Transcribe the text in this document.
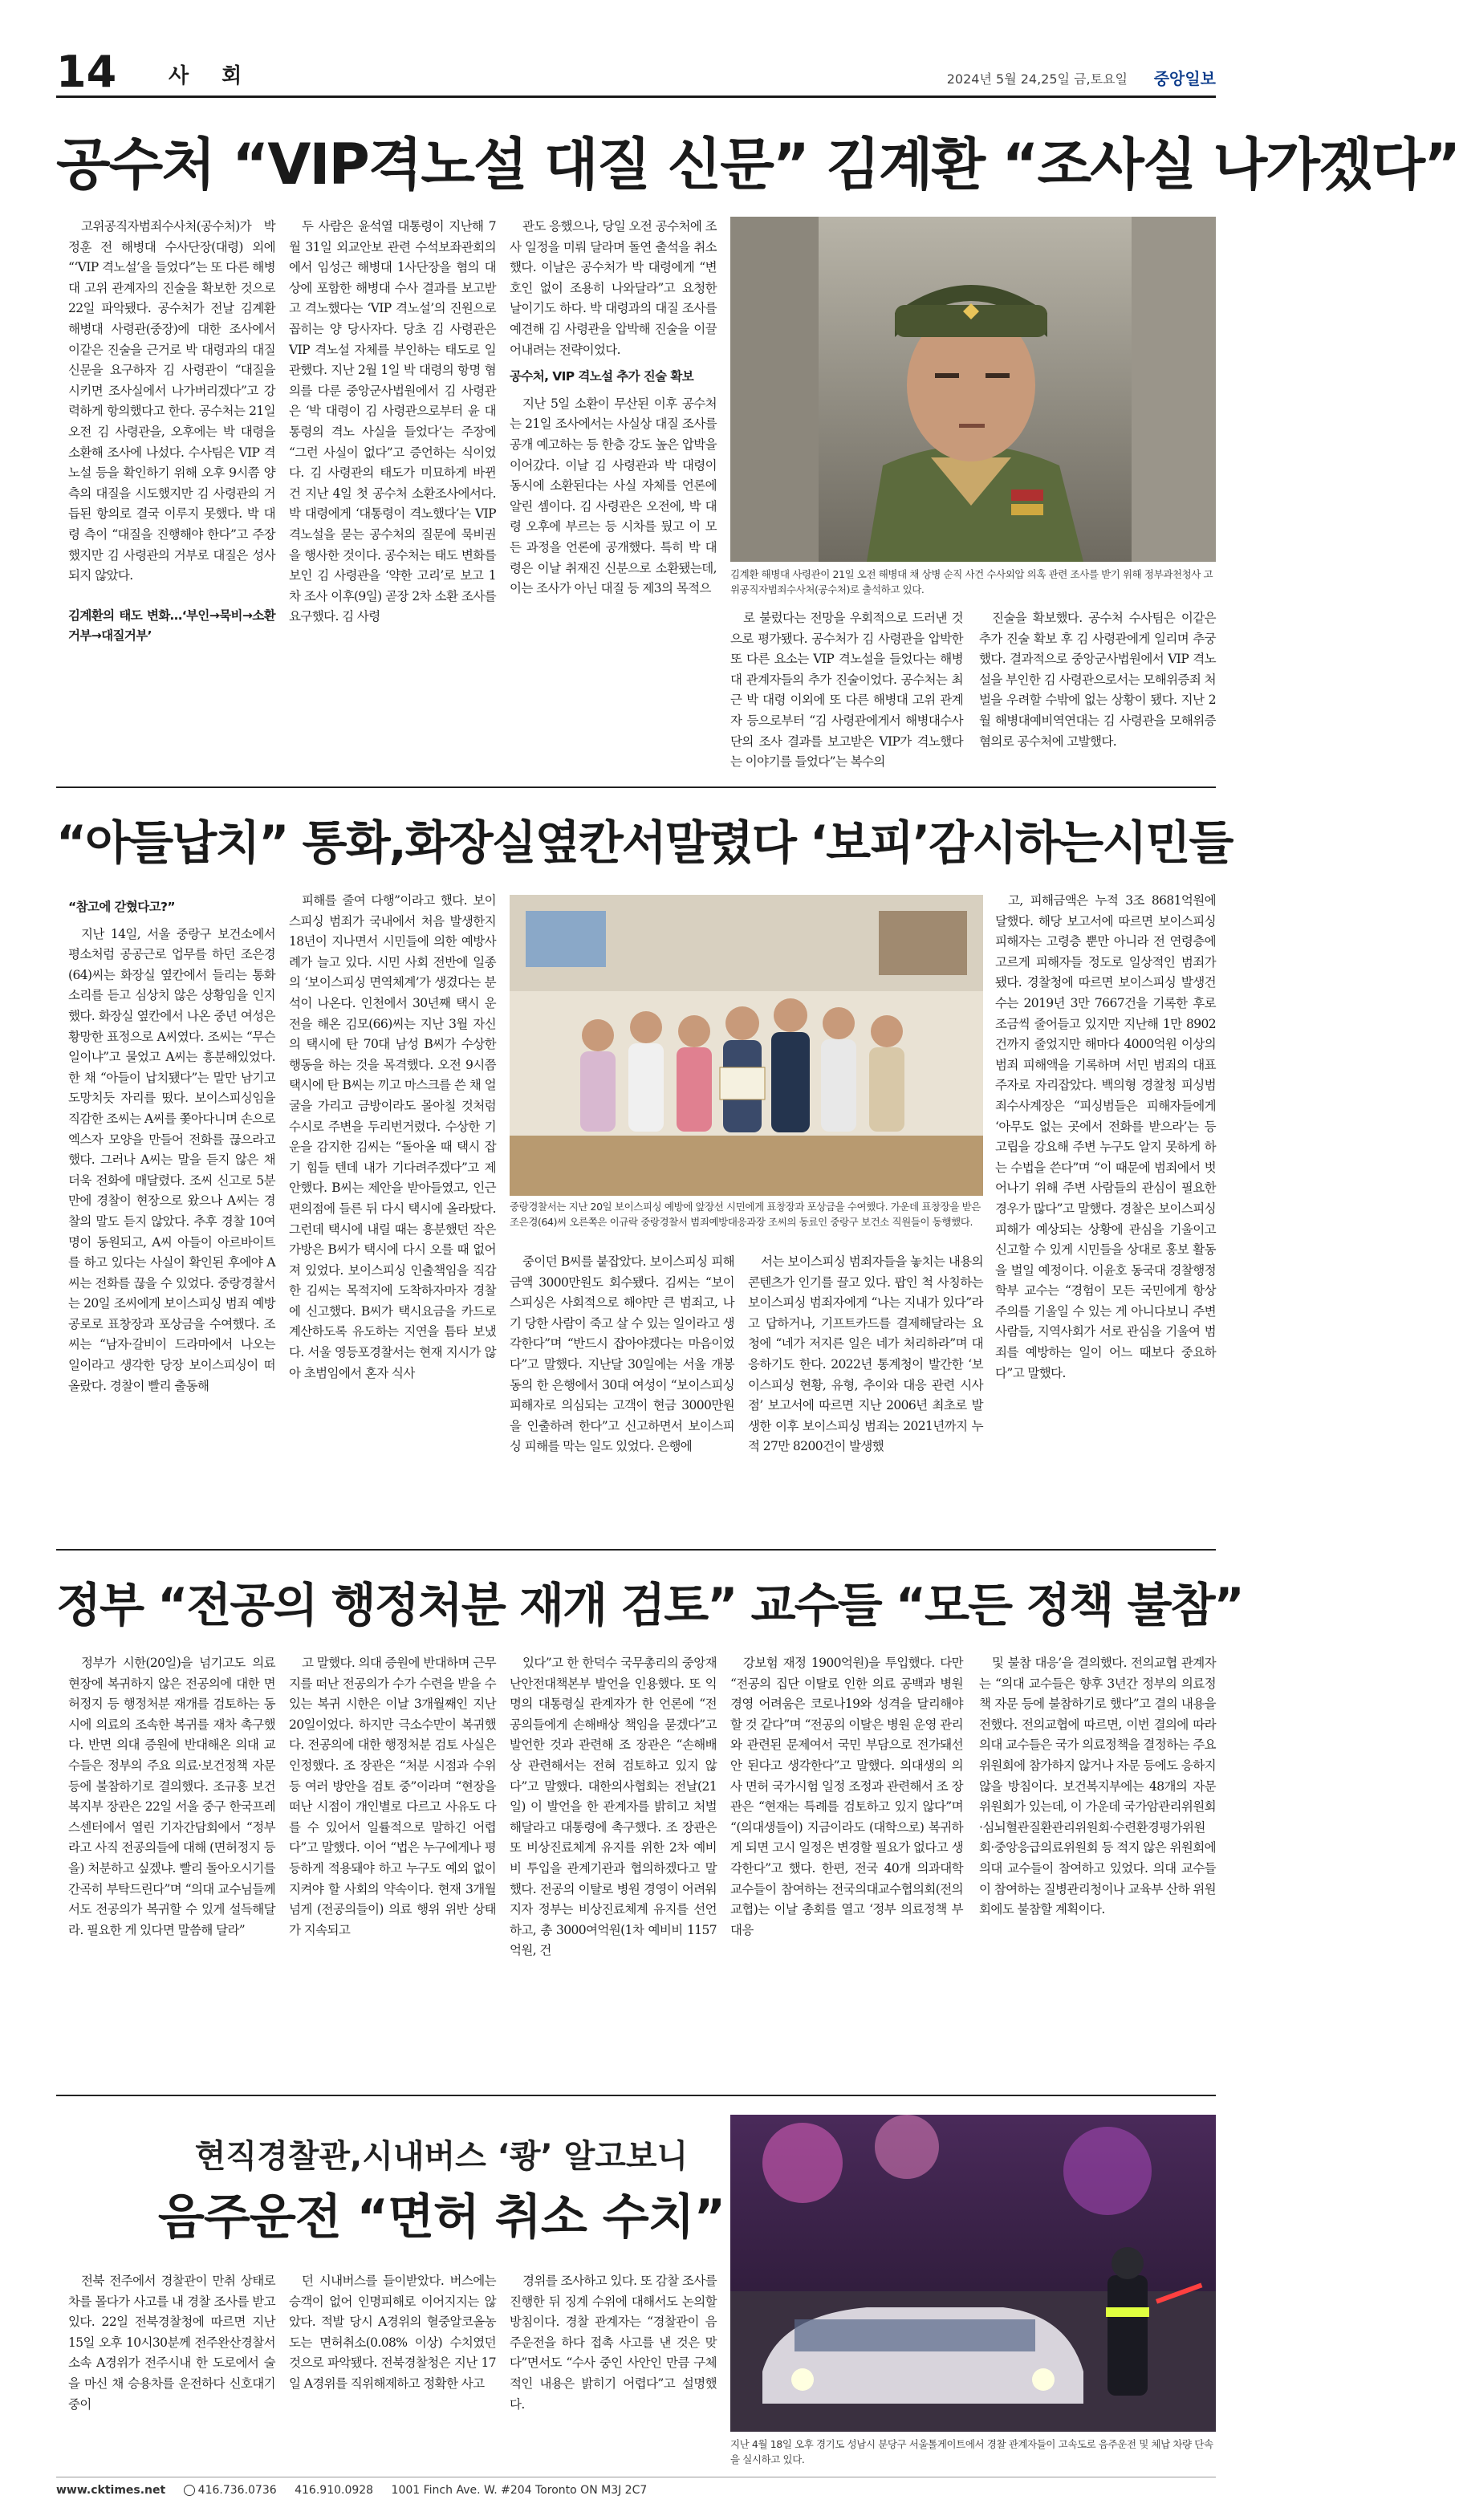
14 사 회	2024년 5월 24,25일 금,토요일 중앙일보
공수처 “VIP격노설 대질 신문” 김계환 “조사실 나가겠다”

고위공직자범죄수사처(공수처)가 박정훈 전 해병대 수사단장(대령) 외에 “‘VIP 격노설’을 들었다”는 또 다른 해병대 고위 관계자의 진술을 확보한 것으로 22일 파악됐다. 공수처가 전날 김계환 해병대 사령관(중장)에 대한 조사에서 이같은 진술을 근거로 박 대령과의 대질 신문을 요구하자 김 사령관이 “대질을 시키면 조사실에서 나가버리겠다”고 강력하게 항의했다고 한다. 공수처는 21일 오전 김 사령관을, 오후에는 박 대령을 소환해 조사에 나섰다. 수사팀은 VIP 격노설 등을 확인하기 위해 오후 9시쯤 양측의 대질을 시도했지만 김 사령관의 거듭된 항의로 결국 이루지 못했다. 박 대령 측이 “대질을 진행해야 한다”고 주장했지만 김 사령관의 거부로 대질은 성사되지 않았다.

김계환의 태도 변화…‘부인→묵비→소환거부→대질거부’

두 사람은 윤석열 대통령이 지난해 7월 31일 외교안보 관련 수석보좌관회의에서 임성근 해병대 1사단장을 혐의 대상에 포함한 해병대 수사 결과를 보고받고 격노했다는 ‘VIP 격노설’의 진원으로 꼽히는 양 당사자다. 당초 김 사령관은 VIP 격노설 자체를 부인하는 태도로 일관했다. 지난 2월 1일 박 대령의 항명 혐의를 다룬 중앙군사법원에서 김 사령관은 ‘박 대령이 김 사령관으로부터 윤 대통령의 격노 사실을 들었다’는 주장에 “그런 사실이 없다”고 증언하는 식이었다. 김 사령관의 태도가 미묘하게 바뀐 건 지난 4일 첫 공수처 소환조사에서다. 박 대령에게 ‘대통령이 격노했다’는 VIP 격노설을 묻는 공수처의 질문에 묵비권을 행사한 것이다. 공수처는 태도 변화를 보인 김 사령관을 ‘약한 고리’로 보고 1차 조사 이후(9일) 곧장 2차 소환 조사를 요구했다. 김 사령

관도 응했으나, 당일 오전 공수처에 조사 일정을 미뤄 달라며 돌연 출석을 취소했다. 이날은 공수처가 박 대령에게 “변호인 없이 조용히 나와달라”고 요청한 날이기도 하다. 박 대령과의 대질 조사를 예견해 김 사령관을 압박해 진술을 이끌어내려는 전략이었다.

공수처, VIP 격노설 추가 진술 확보

지난 5일 소환이 무산된 이후 공수처는 21일 조사에서는 사실상 대질 조사를 공개 예고하는 등 한층 강도 높은 압박을 이어갔다. 이날 김 사령관과 박 대령이 동시에 소환된다는 사실 자체를 언론에 알린 셈이다. 김 사령관은 오전에, 박 대령 오후에 부르는 등 시차를 뒀고 이 모든 과정을 언론에 공개했다. 특히 박 대령은 이날 취재진 신분으로 소환됐는데, 이는 조사가 아닌 대질 등 제3의 목적으

김계환 해병대 사령관이 21일 오전 해병대 채 상병 순직 사건 수사외압 의혹 관련 조사를 받기 위해 정부과천청사 고위공직자범죄수사처(공수처)로 출석하고 있다.

로 불렀다는 전망을 우회적으로 드러낸 것으로 평가됐다. 공수처가 김 사령관을 압박한 또 다른 요소는 VIP 격노설을 들었다는 해병대 관계자들의 추가 진술이었다. 공수처는 최근 박 대령 이외에 또 다른 해병대 고위 관계자 등으로부터 “김 사령관에게서 해병대수사단의 조사 결과를 보고받은 VIP가 격노했다는 이야기를 들었다”는 복수의

진술을 확보했다. 공수처 수사팀은 이같은 추가 진술 확보 후 김 사령관에게 일리며 추궁했다. 결과적으로 중앙군사법원에서 VIP 격노설을 부인한 김 사령관으로서는 모해위증죄 처벌을 우려할 수밖에 없는 상황이 됐다. 지난 2월 해병대예비역연대는 김 사령관을 모해위증혐의로 공수처에 고발했다.

“아들납치” 통화,화장실옆칸서말렸다 ‘보피’감시하는시민들

“참고에 갇혔다고?”

지난 14일, 서울 중랑구 보건소에서 평소처럼 공공근로 업무를 하던 조은경(64)씨는 화장실 옆칸에서 들리는 통화 소리를 듣고 심상치 않은 상황임을 인지했다. 화장실 옆칸에서 나온 중년 여성은 황망한 표정으로 A씨였다. 조씨는 “무슨 일이냐”고 물었고 A씨는 흥분해있었다. 한 채 “아들이 납치됐다”는 말만 남기고 도망치듯 자리를 떴다. 보이스피싱임을 직감한 조씨는 A씨를 쫓아다니며 손으로 엑스자 모양을 만들어 전화를 끊으라고 했다. 그러나 A씨는 말을 듣지 않은 채 더욱 전화에 매달렸다. 조씨 신고로 5분 만에 경찰이 현장으로 왔으나 A씨는 경찰의 말도 듣지 않았다. 추후 경찰 10여 명이 동원되고, A씨 아들이 아르바이트를 하고 있다는 사실이 확인된 후에야 A씨는 전화를 끊을 수 있었다. 중랑경찰서는 20일 조씨에게 보이스피싱 범죄 예방 공로로 표창장과 포상금을 수여했다. 조씨는 “남자·갈비이 드라마에서 나오는 일이라고 생각한 당장 보이스피싱이 떠올랐다. 경찰이 빨리 출동해

피해를 줄여 다행”이라고 했다. 보이스피싱 범죄가 국내에서 처음 발생한지 18년이 지나면서 시민들에 의한 예방사례가 늘고 있다. 시민 사회 전반에 일종의 ‘보이스피싱 면역체계’가 생겼다는 분석이 나온다. 인천에서 30년째 택시 운전을 해온 김모(66)씨는 지난 3월 자신의 택시에 탄 70대 남성 B씨가 수상한 행동을 하는 것을 목격했다. 오전 9시쯤 택시에 탄 B씨는 끼고 마스크를 쓴 채 얼굴을 가리고 금방이라도 몰아칠 것처럼 수시로 주변을 두리번거렸다. 수상한 기운을 감지한 김씨는 “돌아올 때 택시 잡기 힘들 텐데 내가 기다려주겠다”고 제안했다. B씨는 제안을 받아들였고, 인근 편의점에 들른 뒤 다시 택시에 올라탔다. 그런데 택시에 내릴 때는 흥분했던 작은 가방은 B씨가 택시에 다시 오를 때 없어져 있었다. 보이스피싱 인출책임을 직감한 김씨는 목적지에 도착하자마자 경찰에 신고했다. B씨가 택시요금을 카드로 계산하도록 유도하는 지연을 틈타 보냈다. 서울 영등포경찰서는 현재 지시가 않아 초범임에서 혼자 식사

중랑경찰서는 지난 20일 보이스피싱 예방에 앞장선 시민에게 표창장과 포상금을 수여했다. 가운데 표창장을 받은 조은경(64)씨 오른쪽은 이규락 중랑경찰서 범죄예방대응과장 조씨의 동료인 중랑구 보건소 직원들이 동행했다.

중이던 B씨를 붙잡았다. 보이스피싱 피해금액 3000만원도 회수됐다. 김씨는 “보이스피싱은 사회적으로 해야만 큰 범죄고, 나기 당한 사람이 죽고 살 수 있는 일이라고 생각한다”며 “반드시 잡아야겠다는 마음이었다”고 말했다. 지난달 30일에는 서울 개봉동의 한 은행에서 30대 여성이 “보이스피싱 피해자로 의심되는 고객이 현금 3000만원을 인출하려 한다”고 신고하면서 보이스피싱 피해를 막는 일도 있었다. 은행에

서는 보이스피싱 범죄자들을 놓치는 내용의 콘텐츠가 인기를 끌고 있다. 팝인 척 사칭하는 보이스피싱 범죄자에게 “나는 지내가 있다”라고 답하거나, 기프트카드를 결제해달라는 요청에 “네가 저지른 일은 네가 처리하라”며 대응하기도 한다. 2022년 통계청이 발간한 ‘보이스피싱 현황, 유형, 추이와 대응 관련 시사점’ 보고서에 따르면 지난 2006년 최초로 발생한 이후 보이스피싱 범죄는 2021년까지 누적 27만 8200건이 발생했

고, 피해금액은 누적 3조 8681억원에 달했다. 해당 보고서에 따르면 보이스피싱 피해자는 고령층 뿐만 아니라 전 연령층에 고르게 피해자들 정도로 일상적인 범죄가 됐다. 경찰청에 따르면 보이스피싱 발생건수는 2019년 3만 7667건을 기록한 후로 조금씩 줄어들고 있지만 지난해 1만 8902건까지 줄었지만 해마다 4000억원 이상의 범죄 피해액을 기록하며 서민 범죄의 대표주자로 자리잡았다. 백의형 경찰청 피싱범죄수사계장은 “피싱범들은 피해자들에게 ‘아무도 없는 곳에서 전화를 받으라’는 등 고립을 강요해 주변 누구도 알지 못하게 하는 수법을 쓴다”며 “이 때문에 범죄에서 벗어나기 위해 주변 사람들의 관심이 필요한 경우가 많다”고 말했다. 경찰은 보이스피싱 피해가 예상되는 상황에 관심을 기울이고 신고할 수 있게 시민들을 상대로 홍보 활동을 벌일 예정이다. 이윤호 동국대 경찰행정학부 교수는 “경험이 모든 국민에게 항상 주의를 기울일 수 있는 게 아니다보니 주변 사람들, 지역사회가 서로 관심을 기울여 범죄를 예방하는 일이 어느 때보다 중요하다”고 말했다.

정부 “전공의 행정처분 재개 검토” 교수들 “모든 정책 불참”

정부가 시한(20일)을 넘기고도 의료 현장에 복귀하지 않은 전공의에 대한 면허정지 등 행정처분 재개를 검토하는 동시에 의료의 조속한 복귀를 재차 촉구했다. 반면 의대 증원에 반대해온 의대 교수들은 정부의 주요 의료·보건정책 자문 등에 불참하기로 결의했다. 조규홍 보건복지부 장관은 22일 서울 중구 한국프레스센터에서 열린 기자간담회에서 “정부라고 사직 전공의들에 대해 (면허정지 등을) 처분하고 싶겠냐. 빨리 돌아오시기를 간곡히 부탁드린다”며 “의대 교수님들께서도 전공의가 복귀할 수 있게 설득해달라. 필요한 게 있다면 말씀해 달라”

고 말했다. 의대 증원에 반대하며 근무지를 떠난 전공의가 수가 수련을 받을 수 있는 복귀 시한은 이날 3개월째인 지난 20일이었다. 하지만 극소수만이 복귀했다. 전공의에 대한 행정처분 검토 사실은 인정했다. 조 장관은 “처분 시점과 수위 등 여러 방안을 검토 중”이라며 “현장을 떠난 시점이 개인별로 다르고 사유도 다를 수 있어서 일률적으로 말하긴 어렵다”고 말했다. 이어 “법은 누구에게나 평등하게 적용돼야 하고 누구도 예외 없이 지켜야 할 사회의 약속이다. 현재 3개월 넘게 (전공의들이) 의료 행위 위반 상태가 지속되고

있다”고 한 한덕수 국무총리의 중앙재난안전대책본부 발언을 인용했다. 또 익명의 대통령실 관계자가 한 언론에 “전공의들에게 손해배상 책임을 묻겠다”고 발언한 것과 관련해 조 장관은 “손해배상 관련해서는 전혀 검토하고 있지 않다”고 말했다. 대한의사협회는 전날(21일) 이 발언을 한 관계자를 밝히고 처벌해달라고 대통령에 촉구했다. 조 장관은 또 비상진료체계 유지를 위한 2차 예비비 투입을 관계기관과 협의하겠다고 말했다. 전공의 이탈로 병원 경영이 어려워지자 정부는 비상진료체계 유지를 선언하고, 총 3000여억원(1차 예비비 1157억원, 건

강보험 재정 1900억원)을 투입했다. 다만 “전공의 집단 이탈로 인한 의료 공백과 병원 경영 어려움은 코로나19와 성격을 달리해야 할 것 같다”며 “전공의 이탈은 병원 운영 관리와 관련된 문제여서 국민 부담으로 전가돼선 안 된다고 생각한다”고 말했다. 의대생의 의사 면허 국가시험 일정 조정과 관련해서 조 장관은 “현재는 특례를 검토하고 있지 않다”며 “(의대생들이) 지금이라도 (대학으로) 복귀하게 되면 고시 일정은 변경할 필요가 없다고 생각한다”고 했다. 한편, 전국 40개 의과대학 교수들이 참여하는 전국의대교수협의회(전의교협)는 이날 총회를 열고 ‘정부 의료정책 부대응

및 불참 대응’을 결의했다. 전의교협 관계자는 “의대 교수들은 향후 3년간 정부의 의료정책 자문 등에 불참하기로 했다”고 결의 내용을 전했다. 전의교협에 따르면, 이번 결의에 따라 의대 교수들은 국가 의료정책을 결정하는 주요 위원회에 참가하지 않거나 자문 등에도 응하지 않을 방침이다. 보건복지부에는 48개의 자문위원회가 있는데, 이 가운데 국가암관리위원회·심뇌혈관질환관리위원회·수련환경평가위원회·중앙응급의료위원회 등 적지 않은 위원회에 의대 교수들이 참여하고 있었다. 의대 교수들이 참여하는 질병관리청이나 교육부 산하 위원회에도 불참할 계획이다.

현직경찰관,시내버스 ‘쾅’ 알고보니
음주운전 “면허 취소 수치”

전북 전주에서 경찰관이 만취 상태로 차를 몰다가 사고를 내 경찰 조사를 받고 있다. 22일 전북경찰청에 따르면 지난 15일 오후 10시30분께 전주완산경찰서 소속 A경위가 전주시내 한 도로에서 술을 마신 채 승용차를 운전하다 신호대기 중이

던 시내버스를 들이받았다. 버스에는 승객이 없어 인명피해로 이어지지는 않았다. 적발 당시 A경위의 혈중알코올농도는 면허취소(0.08% 이상) 수치였던 것으로 파악됐다. 전북경찰청은 지난 17일 A경위를 직위해제하고 정확한 사고

경위를 조사하고 있다. 또 감찰 조사를 진행한 뒤 징계 수위에 대해서도 논의할 방침이다. 경찰 관계자는 “경찰관이 음주운전을 하다 접촉 사고를 낸 것은 맞다”면서도 “수사 중인 사안인 만큼 구체적인 내용은 밝히기 어렵다”고 설명했다.

지난 4월 18일 오후 경기도 성남시 분당구 서울톨게이트에서 경찰 관계자들이 고속도로 음주운전 및 체납 차량 단속을 실시하고 있다.
www.cktimes.net	416.736.0736 416.910.0928 1001 Finch Ave. W. #204 Toronto ON M3J 2C7
